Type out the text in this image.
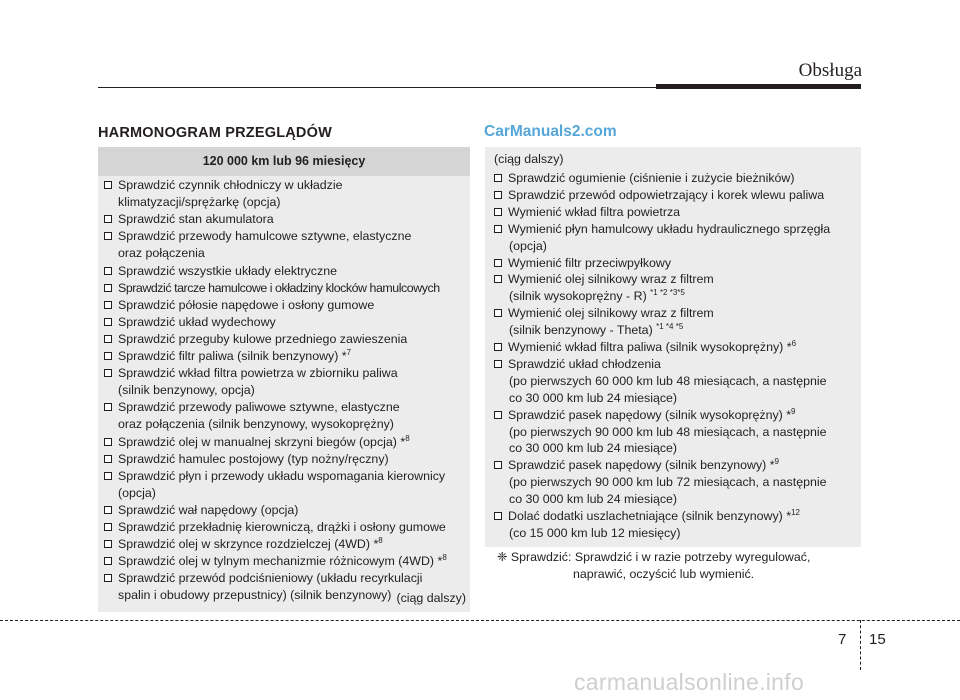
Obsługa
HARMONOGRAM PRZEGLĄDÓW	CarManuals2.com
120 000 km lub 96 miesięcy
Sprawdzić czynnik chłodniczy w układzie
klimatyzacji/sprężarkę (opcja)
Sprawdzić stan akumulatora
Sprawdzić przewody hamulcowe sztywne, elastyczne
oraz połączenia
Sprawdzić wszystkie układy elektryczne
Sprawdzić tarcze hamulcowe i okładziny klocków hamulcowych
Sprawdzić półosie napędowe i osłony gumowe
Sprawdzić układ wydechowy
Sprawdzić przeguby kulowe przedniego zawieszenia
Sprawdzić filtr paliwa (silnik benzynowy) *$^7$
Sprawdzić wkład filtra powietrza w zbiorniku paliwa
(silnik benzynowy, opcja)
Sprawdzić przewody paliwowe sztywne, elastyczne
oraz połączenia (silnik benzynowy, wysokoprężny)
Sprawdzić olej w manualnej skrzyni biegów (opcja) *$^8$
Sprawdzić hamulec postojowy (typ nożny/ręczny)
Sprawdzić płyn i przewody układu wspomagania kierownicy
(opcja)
Sprawdzić wał napędowy (opcja)
Sprawdzić przekładnię kierowniczą, drążki i osłony gumowe
Sprawdzić olej w skrzynce rozdzielczej (4WD) *$^8$
Sprawdzić olej w tylnym mechanizmie różnicowym (4WD) *$^8$
Sprawdzić przewód podciśnieniowy (układu recyrkulacji
spalin i obudowy przepustnicy) (silnik benzynowy) (ciąg dalszy)
Sprawdzić ogumienie (ciśnienie i zużycie bieżników)
Sprawdzić przewód odpowietrzający i korek wlewu paliwa
Wymienić wkład filtra powietrza
Wymienić płyn hamulcowy układu hydraulicznego sprzęgła
(opcja)
Wymienić filtr przeciwpyłkowy
Wymienić olej silnikowy wraz z filtrem
(silnik wysokoprężny - R) $^{*1 *2 *3*5}$
Wymienić olej silnikowy wraz z filtrem
(silnik benzynowy - Theta) $^{*1 *4 *5}$
Wymienić wkład filtra paliwa (silnik wysokoprężny) *$^6$
Sprawdzić układ chłodzenia
(po pierwszych 60 000 km lub 48 miesiącach, a następnie
co 30 000 km lub 24 miesiące)
Sprawdzić pasek napędowy (silnik wysokoprężny) *$^9$
(po pierwszych 90 000 km lub 48 miesiącach, a następnie
co 30 000 km lub 24 miesiące)
Sprawdzić pasek napędowy (silnik benzynowy) *$^9$
(po pierwszych 90 000 km lub 72 miesiącach, a następnie
co 30 000 km lub 24 miesiące)
Dolać dodatki uszlachetniające (silnik benzynowy) *$^{12}$
(co 15 000 km lub 12 miesięcy)
(ciąg dalszy)
❈ Sprawdzić: Sprawdzić i w razie potrzeby wyregulować,
naprawić, oczyścić lub wymienić.
7 15
carmanualsonline.info
